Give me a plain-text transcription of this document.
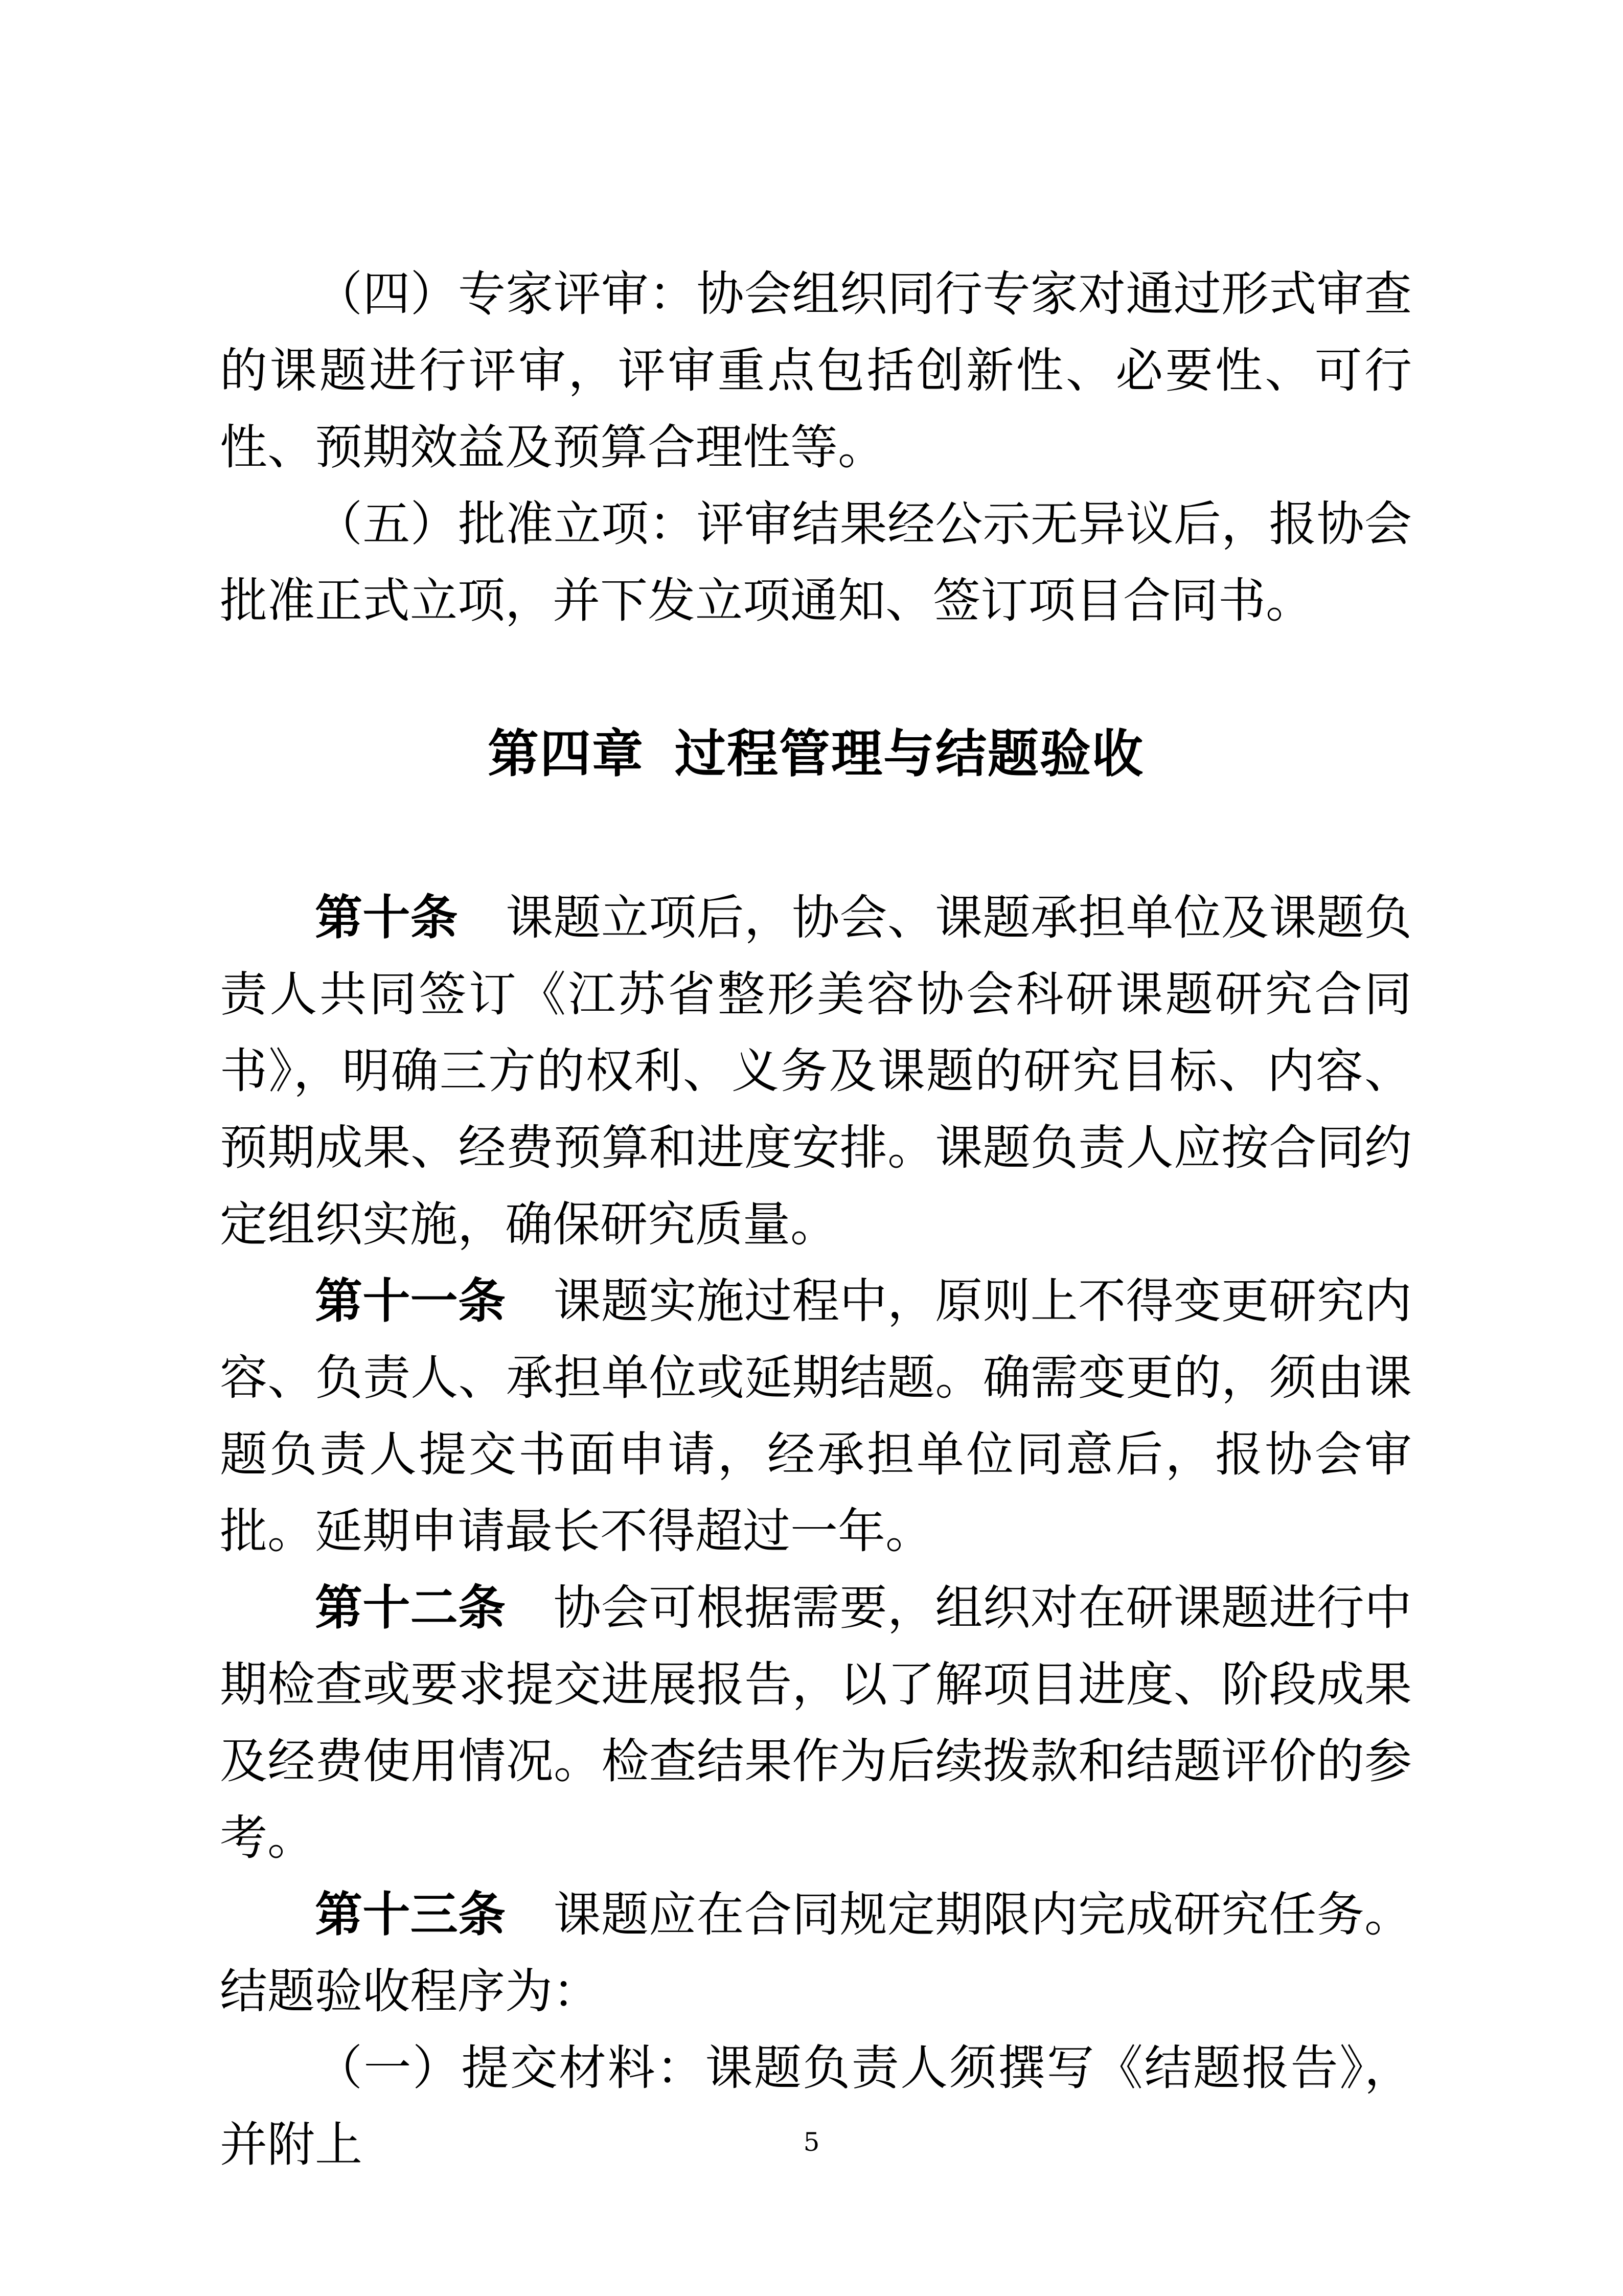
（四）专家评审：协会组织同行专家对通过形式审查的课题进行评审，评审重点包括创新性、必要性、可行性、预期效益及预算合理性等。

（五）批准立项：评审结果经公示无异议后，报协会批准正式立项，并下发立项通知、签订项目合同书。

第四章 过程管理与结题验收

第十条 课题立项后，协会、课题承担单位及课题负责人共同签订《江苏省整形美容协会科研课题研究合同书》，明确三方的权利、义务及课题的研究目标、内容、预期成果、经费预算和进度安排。课题负责人应按合同约定组织实施，确保研究质量。

第十一条 课题实施过程中，原则上不得变更研究内容、负责人、承担单位或延期结题。确需变更的，须由课题负责人提交书面申请，经承担单位同意后，报协会审批。延期申请最长不得超过一年。

第十二条 协会可根据需要，组织对在研课题进行中期检查或要求提交进展报告，以了解项目进度、阶段成果及经费使用情况。检查结果作为后续拨款和结题评价的参考。

第十三条 课题应在合同规定期限内完成研究任务。结题验收程序为：

（一）提交材料：课题负责人须撰写《结题报告》，并附上	5
